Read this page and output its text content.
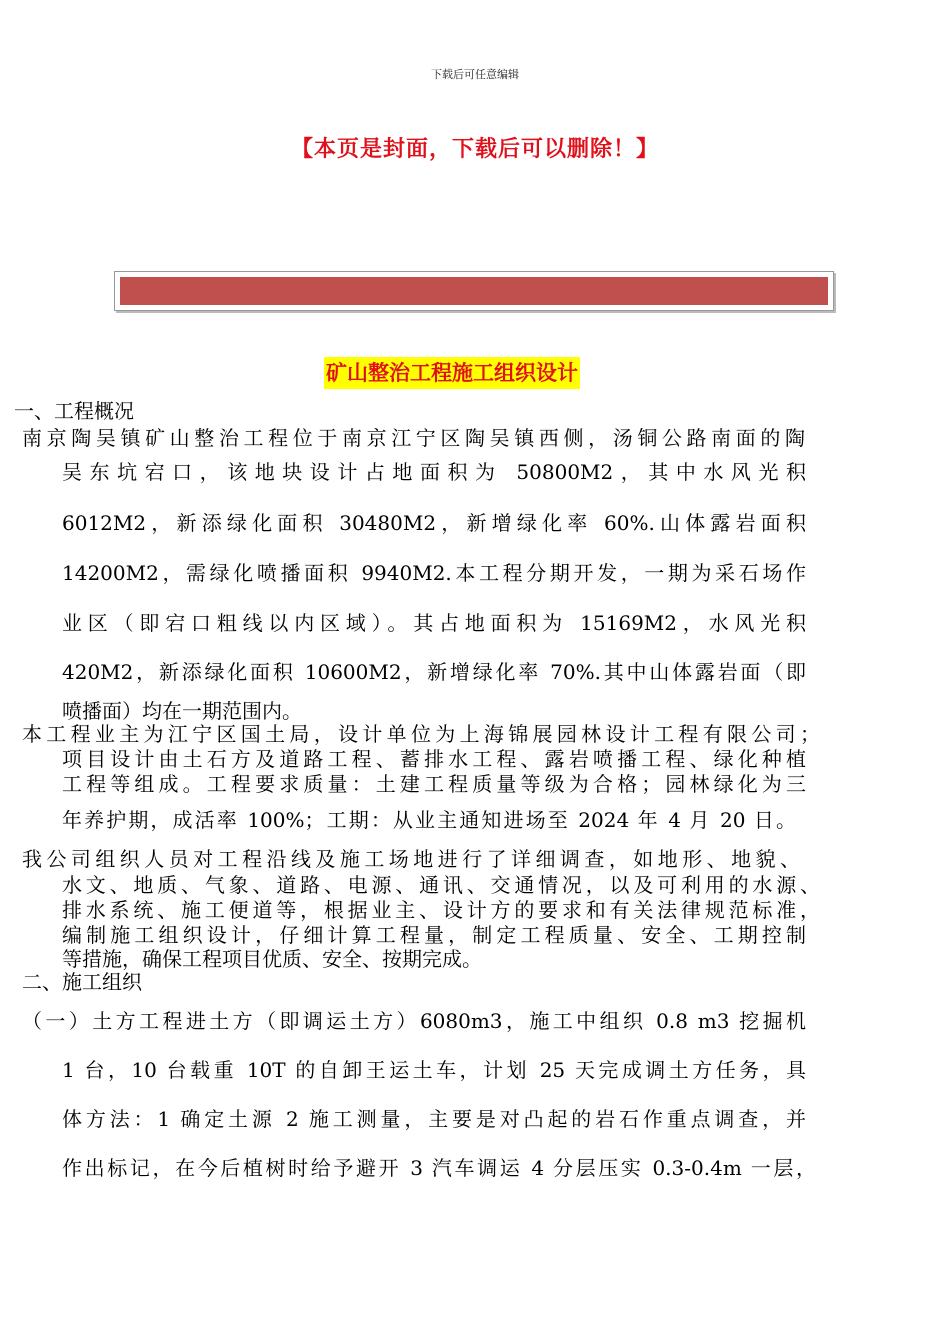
下载后可任意编辑
【本页是封面，下载后可以删除！】
矿山整治工程施工组织设计
一、工程概况
南京陶吴镇矿山整治工程位于南京江宁区陶吴镇西侧，汤铜公路南面的陶
吴东坑宕口，该地块设计占地面积为 50800M2，其中水风光积
6012M2，新添绿化面积 30480M2，新增绿化率 60%.山体露岩面积
14200M2，需绿化喷播面积 9940M2.本工程分期开发，一期为采石场作
业区（即宕口粗线以内区域）。其占地面积为 15169M2，水风光积
420M2，新添绿化面积 10600M2，新增绿化率 70%.其中山体露岩面（即
喷播面）均在一期范围内。
本工程业主为江宁区国土局，设计单位为上海锦展园林设计工程有限公司；
项目设计由土石方及道路工程、蓄排水工程、露岩喷播工程、绿化种植
工程等组成。工程要求质量：土建工程质量等级为合格；园林绿化为三
年养护期，成活率 100%；工期：从业主通知进场至 2024 年 4 月 20 日。
我公司组织人员对工程沿线及施工场地进行了详细调查，如地形、地貌、
水文、地质、气象、道路、电源、通讯、交通情况，以及可利用的水源、
排水系统、施工便道等，根据业主、设计方的要求和有关法律规范标准，
编制施工组织设计，仔细计算工程量，制定工程质量、安全、工期控制
等措施，确保工程项目优质、安全、按期完成。
二、施工组织
（一）土方工程进土方（即调运土方）6080m3，施工中组织 0.8 m3 挖掘机
1 台，10 台载重 10T 的自卸王运土车，计划 25 天完成调土方任务，具
体方法：1 确定土源 2 施工测量，主要是对凸起的岩石作重点调查，并
作出标记，在今后植树时给予避开 3 汽车调运 4 分层压实 0.3-0.4m 一层，
